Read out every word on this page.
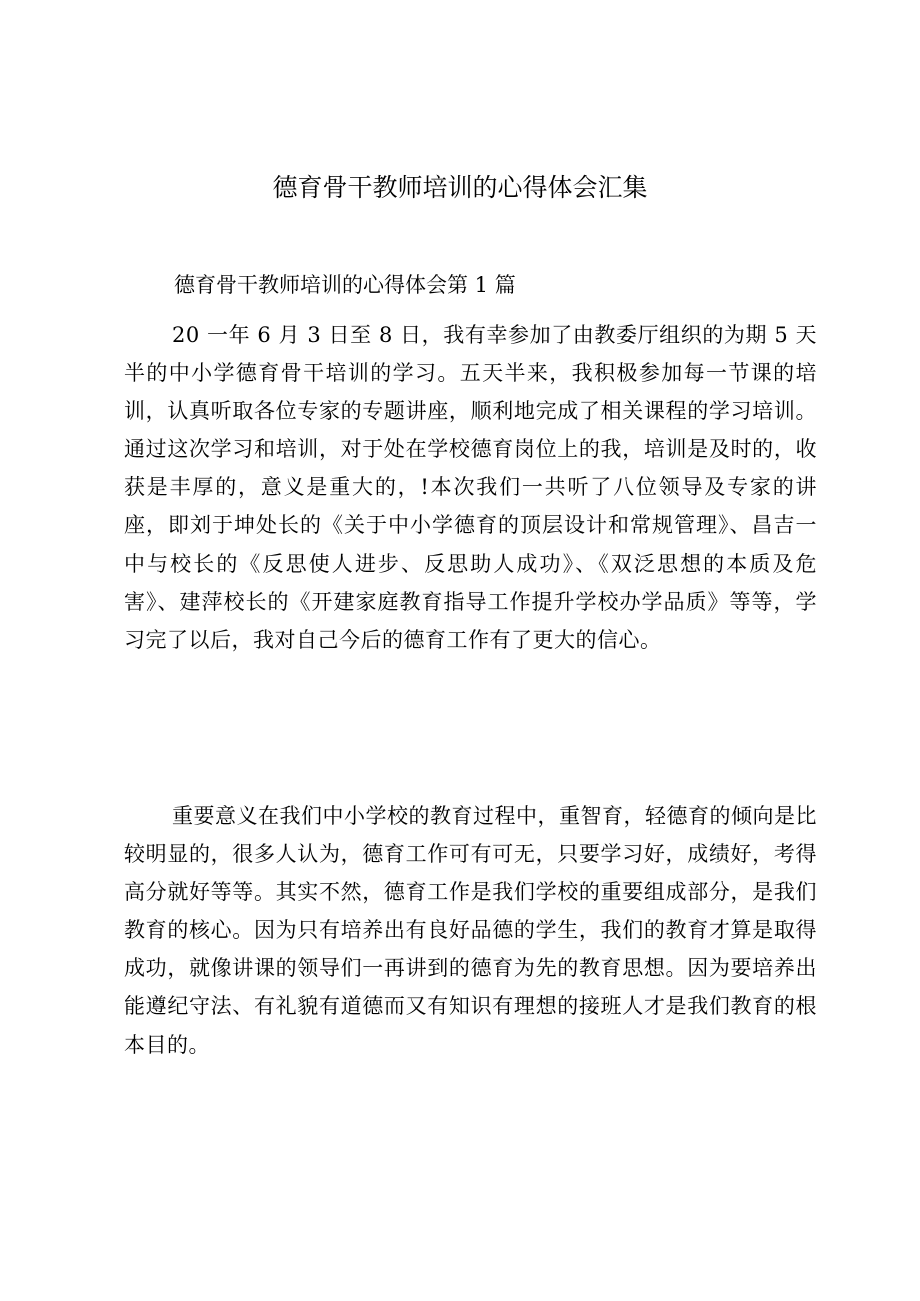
德育骨干教师培训的心得体会汇集
德育骨干教师培训的心得体会第 1 篇

20 一年 6 月 3 日至 8 日，我有幸参加了由教委厅组织的为期 5 天半的中小学德育骨干培训的学习。五天半来，我积极参加每一节课的培训，认真听取各位专家的专题讲座，顺利地完成了相关课程的学习培训。通过这次学习和培训，对于处在学校德育岗位上的我，培训是及时的，收获是丰厚的，意义是重大的，!本次我们一共听了八位领导及专家的讲座，即刘于坤处长的《关于中小学德育的顶层设计和常规管理》、昌吉一中与校长的《反思使人进步、反思助人成功》、《双泛思想的本质及危害》、建萍校长的《开建家庭教育指导工作提升学校办学品质》等等，学习完了以后，我对自己今后的德育工作有了更大的信心。

重要意义在我们中小学校的教育过程中，重智育，轻德育的倾向是比较明显的，很多人认为，德育工作可有可无，只要学习好，成绩好，考得高分就好等等。其实不然，德育工作是我们学校的重要组成部分，是我们教育的核心。因为只有培养出有良好品德的学生，我们的教育才算是取得成功，就像讲课的领导们一再讲到的德育为先的教育思想。因为要培养出能遵纪守法、有礼貌有道德而又有知识有理想的接班人才是我们教育的根本目的。
